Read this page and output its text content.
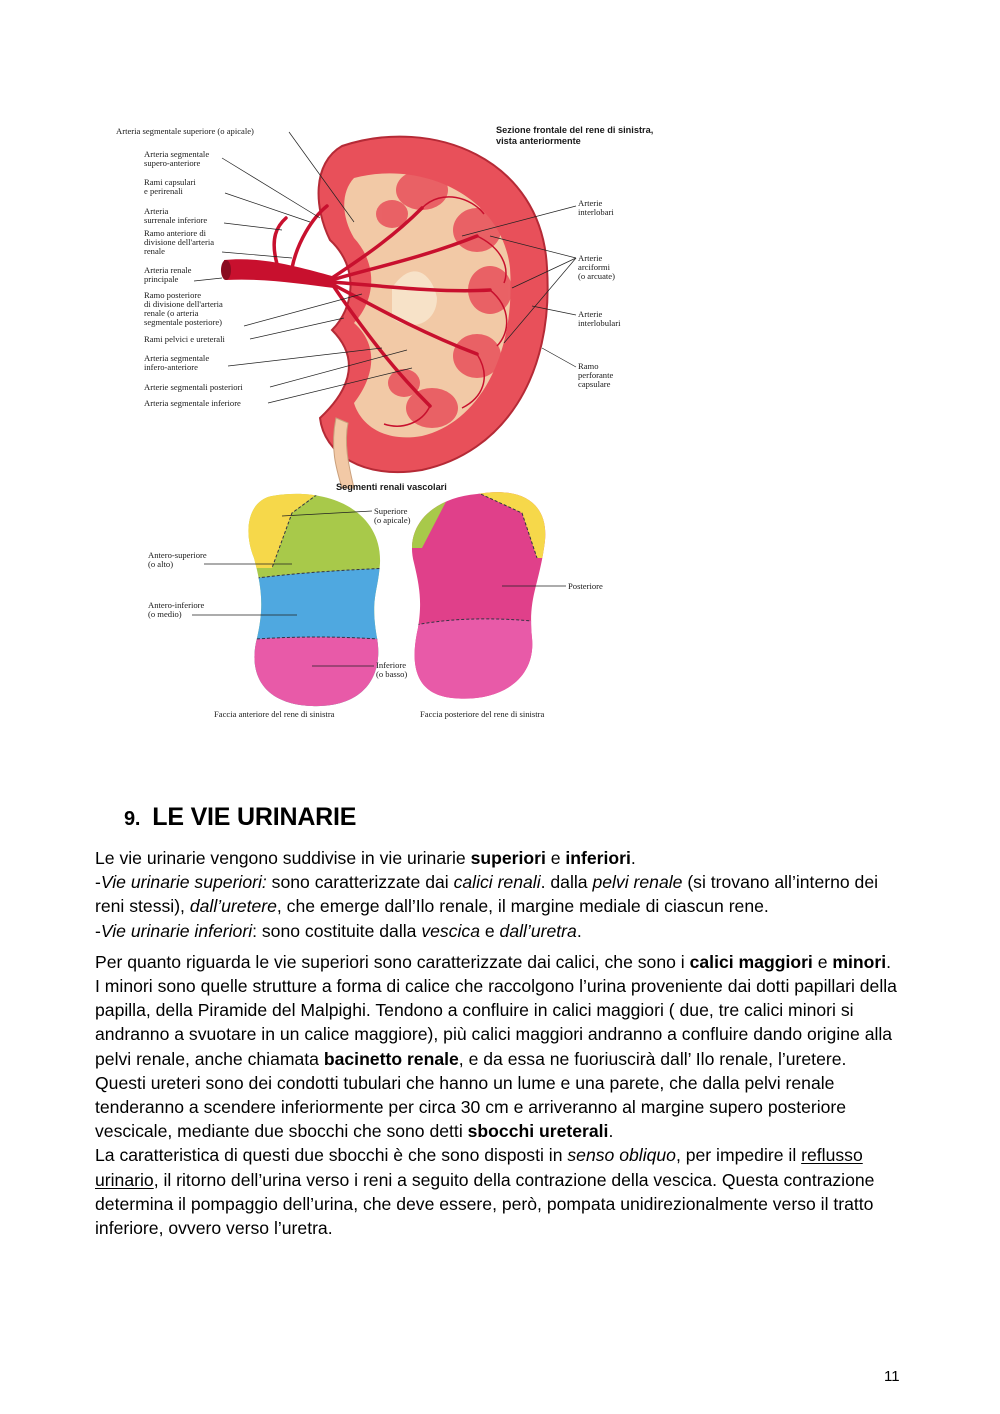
Arteria segmentale superiore (o apicale)
Arteria segmentale supero-anteriore
Rami capsulari e perirenali
Arteria surrenale inferiore
Ramo anteriore di divisione dell'arteria renale
Arteria renale principale
Ramo posteriore di divisione dell'arteria renale (o arteria segmentale posteriore)
Rami pelvici e ureterali
Arteria segmentale infero-anteriore
Arterie segmentali posteriori
Arteria segmentale inferiore
Sezione frontale del rene di sinistra, vista anteriormente
Arterie interlobari
Arterie arciformi (o arcuate)
Arterie interlobulari
Ramo perforante capsulare
Segmenti renali vascolari
Superiore (o apicale)
Antero-superiore (o alto)
Antero-inferiore (o medio)
Posteriore
Inferiore (o basso)
Faccia anteriore del rene di sinistra	Faccia posteriore del rene di sinistra
9. LE VIE URINARIE

Le vie urinarie vengono suddivise in vie urinarie superiori e inferiori.

-Vie urinarie superiori: sono caratterizzate dai calici renali. dalla pelvi renale (si trovano all’interno dei reni stessi), dall’uretere, che emerge dall’Ilo renale, il margine mediale di ciascun rene.

-Vie urinarie inferiori: sono costituite dalla vescica e dall’uretra.

Per quanto riguarda le vie superiori sono caratterizzate dai calici, che sono i calici maggiori e minori.

I minori sono quelle strutture a forma di calice che raccolgono l’urina proveniente dai dotti papillari della papilla, della Piramide del Malpighi. Tendono a confluire in calici maggiori ( due, tre calici minori si andranno a svuotare in un calice maggiore), più calici maggiori andranno a confluire dando origine alla pelvi renale, anche chiamata bacinetto renale, e da essa ne fuoriuscirà dall’ Ilo renale, l’uretere.

Questi ureteri sono dei condotti tubulari che hanno un lume e una parete, che dalla pelvi renale tenderanno a scendere inferiormente per circa 30 cm e arriveranno al margine supero posteriore vescicale, mediante due sbocchi che sono detti sbocchi ureterali.

La caratteristica di questi due sbocchi è che sono disposti in senso obliquo, per impedire il reflusso urinario, il ritorno dell’urina verso i reni a seguito della contrazione della vescica. Questa contrazione determina il pompaggio dell’urina, che deve essere, però, pompata unidirezionalmente verso il tratto inferiore, ovvero verso l’uretra.

11
